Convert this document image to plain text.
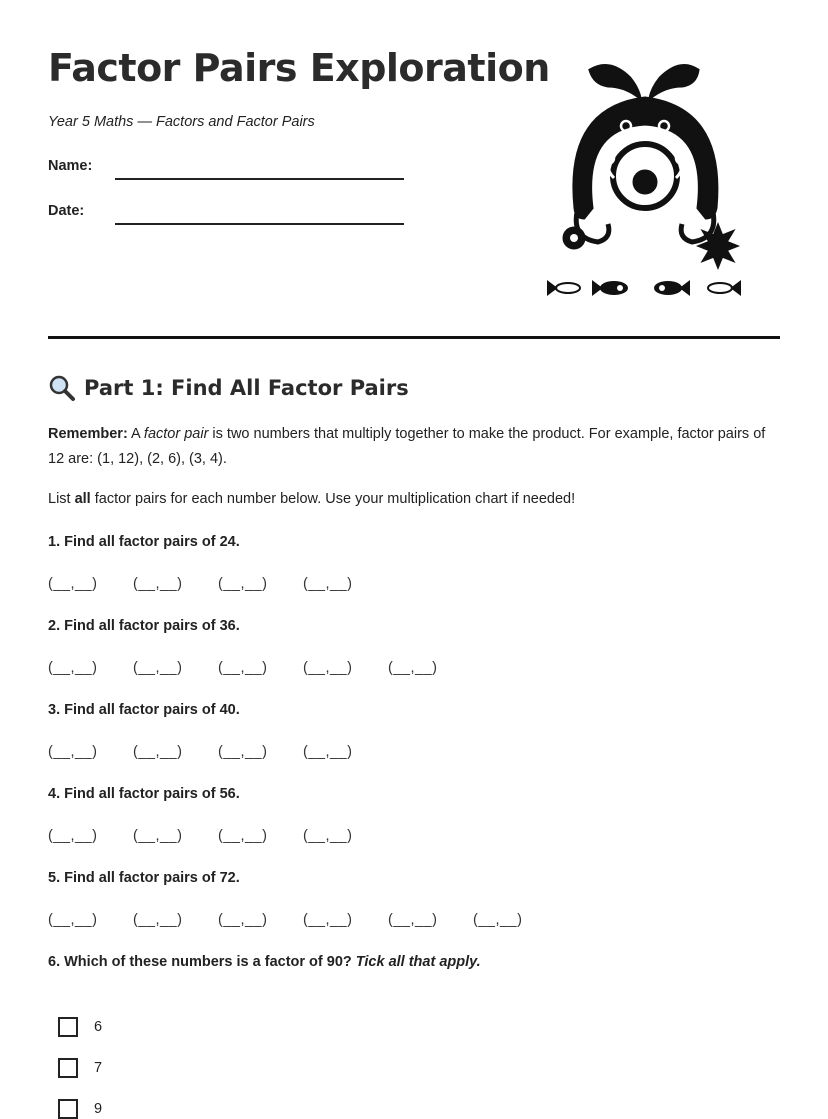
Factor Pairs Exploration
Year 5 Maths — Factors and Factor Pairs
Name:
Date:
Part 1: Find All Factor Pairs
Remember: A factor pair is two numbers that multiply together to make the product. For example, factor pairs of 12 are: (1, 12), (2, 6), (3, 4).
List all factor pairs for each number below. Use your multiplication chart if needed!
1. Find all factor pairs of 24.
(__,__)	(__,__)	(__,__)	(__,__)
2. Find all factor pairs of 36.
(__,__)	(__,__)	(__,__)	(__,__)	(__,__)
3. Find all factor pairs of 40.
(__,__)	(__,__)	(__,__)	(__,__)
4. Find all factor pairs of 56.
(__,__)	(__,__)	(__,__)	(__,__)
5. Find all factor pairs of 72.
(__,__)	(__,__)	(__,__)	(__,__)	(__,__)	(__,__)
6. Which of these numbers is a factor of 90? Tick all that apply.
6
7
9
